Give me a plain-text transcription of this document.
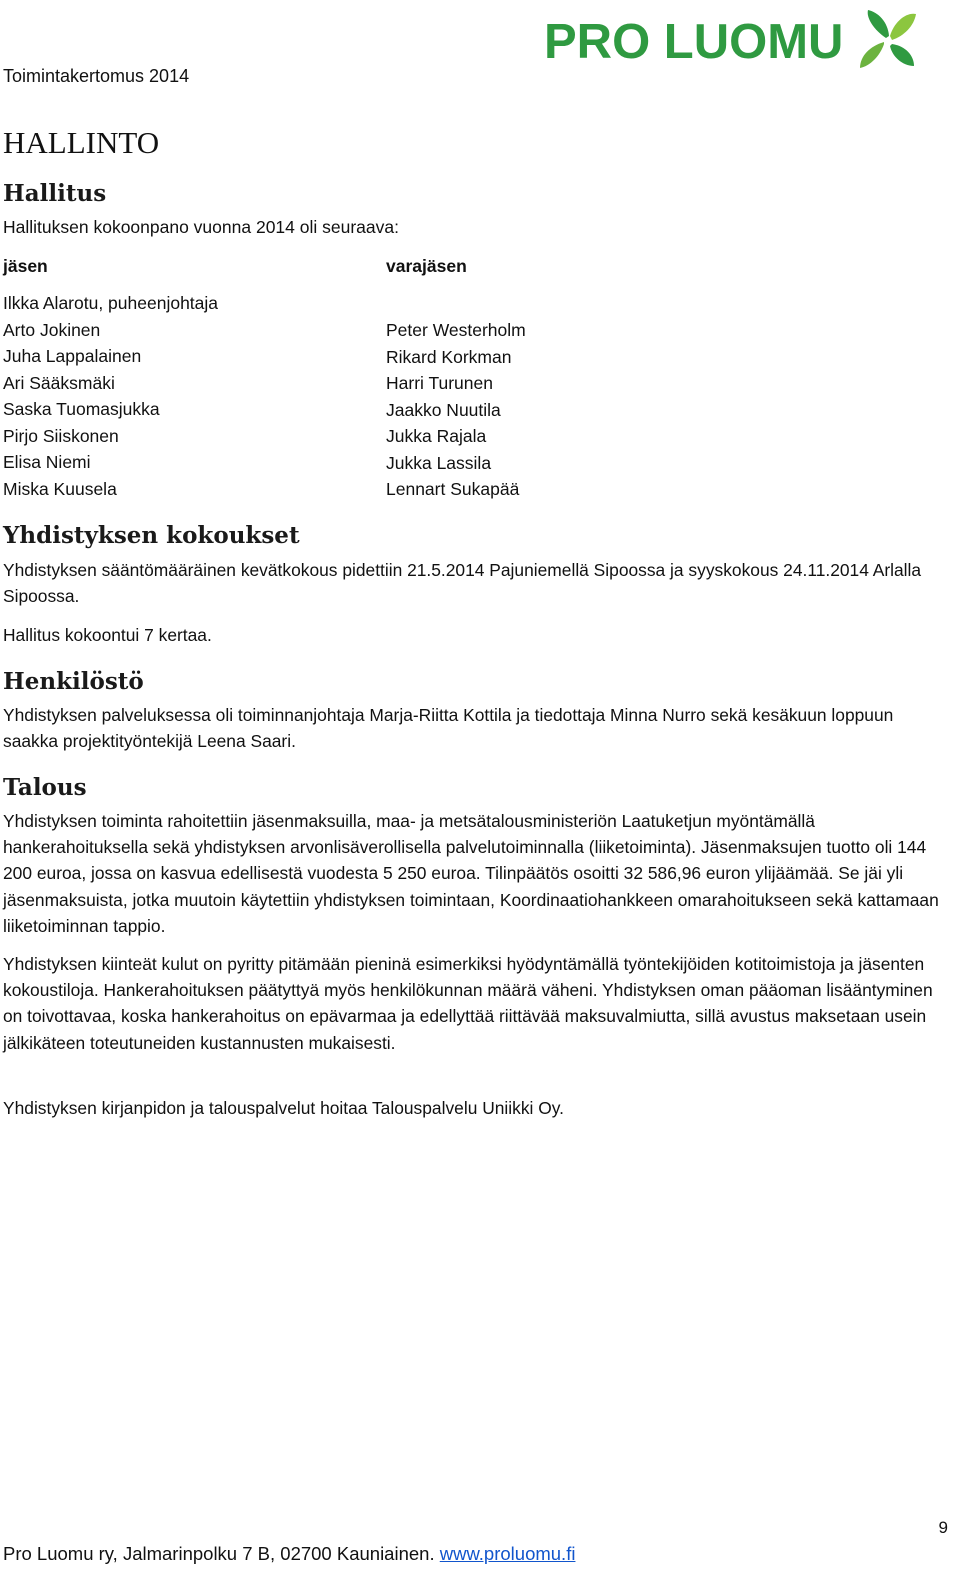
Toimintakertomus 2014
PRO LUOMU
HALLINTO
Hallitus
Hallituksen kokoonpano vuonna 2014 oli seuraava:
jäsen	varajäsen
Ilkka Alarotu, puheenjohtaja
Arto Jokinen
Juha Lappalainen
Ari Sääksmäki
Saska Tuomasjukka
Pirjo Siiskonen
Elisa Niemi
Miska Kuusela
Peter Westerholm
Rikard Korkman
Harri Turunen
Jaakko Nuutila
Jukka Rajala
Jukka Lassila
Lennart Sukapää
Yhdistyksen kokoukset
Yhdistyksen sääntömääräinen kevätkokous pidettiin 21.5.2014 Pajuniemellä Sipoossa ja syyskokous 24.11.2014 Arlalla Sipoossa.
Hallitus kokoontui 7 kertaa.
Henkilöstö
Yhdistyksen palveluksessa oli toiminnanjohtaja Marja-Riitta Kottila ja tiedottaja Minna Nurro sekä kesäkuun loppuun saakka projektityöntekijä Leena Saari.
Talous
Yhdistyksen toiminta rahoitettiin jäsenmaksuilla, maa- ja metsätalousministeriön Laatuketjun myöntämällä hankerahoituksella sekä yhdistyksen arvonlisäverollisella palvelutoiminnalla (liiketoiminta). Jäsenmaksujen tuotto oli 144 200 euroa, jossa on kasvua edellisestä vuodesta 5 250 euroa. Tilinpäätös osoitti 32 586,96 euron ylijäämää. Se jäi yli jäsenmaksuista, jotka muutoin käytettiin yhdistyksen toimintaan, Koordinaatiohankkeen omarahoitukseen sekä kattamaan liiketoiminnan tappio.
Yhdistyksen kiinteät kulut on pyritty pitämään pieninä esimerkiksi hyödyntämällä työntekijöiden kotitoimistoja ja jäsenten kokoustiloja. Hankerahoituksen päätyttyä myös henkilökunnan määrä väheni. Yhdistyksen oman pääoman lisääntyminen on toivottavaa, koska hankerahoitus on epävarmaa ja edellyttää riittävää maksuvalmiutta, sillä avustus maksetaan usein jälkikäteen toteutuneiden kustannusten mukaisesti.
Yhdistyksen kirjanpidon ja talouspalvelut hoitaa Talouspalvelu Uniikki Oy.
9
Pro Luomu ry, Jalmarinpolku 7 B, 02700 Kauniainen. www.proluomu.fi
